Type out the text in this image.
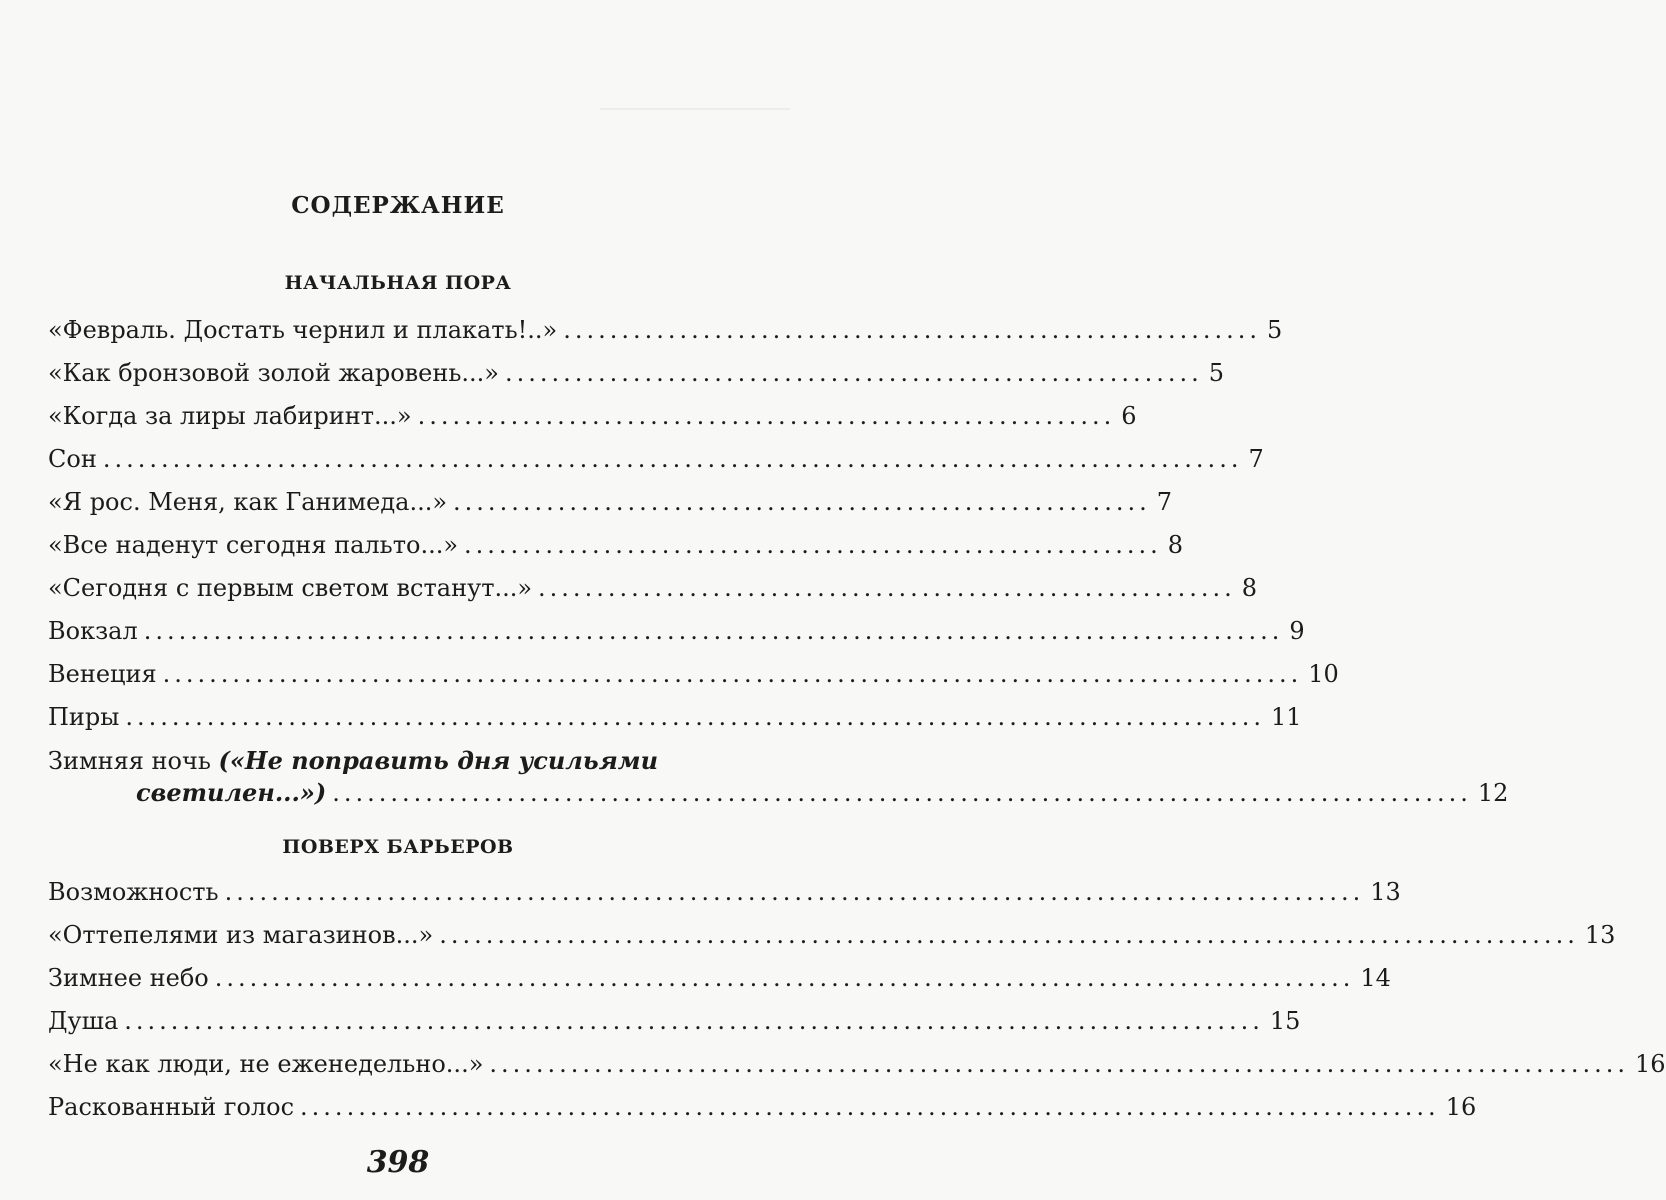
СОДЕРЖАНИЕ
НАЧАЛЬНАЯ ПОРА
«Февраль. Достать чернил и плакать!..» ............................................................ 5
«Как бронзовой золой жаровень...» ............................................................ 5
«Когда за лиры лабиринт...» ............................................................ 6
Сон .................................................................................................. 7
«Я рос. Меня, как Ганимеда...» ............................................................ 7
«Все наденут сегодня пальто...» ............................................................ 8
«Сегодня с первым светом встанут...» ............................................................ 8
Вокзал .................................................................................................. 9
Венеция .................................................................................................. 10
Пиры .................................................................................................. 11
Зимняя ночь («Не поправить дня усильями
светилен...») .................................................................................................. 12
ПОВЕРХ БАРЬЕРОВ
Возможность .................................................................................................. 13
«Оттепелями из магазинов...» .................................................................................................. 13
Зимнее небо .................................................................................................. 14
Душа .................................................................................................. 15
«Не как люди, не еженедельно...» .................................................................................................. 16
Раскованный голос .................................................................................................. 16
398
